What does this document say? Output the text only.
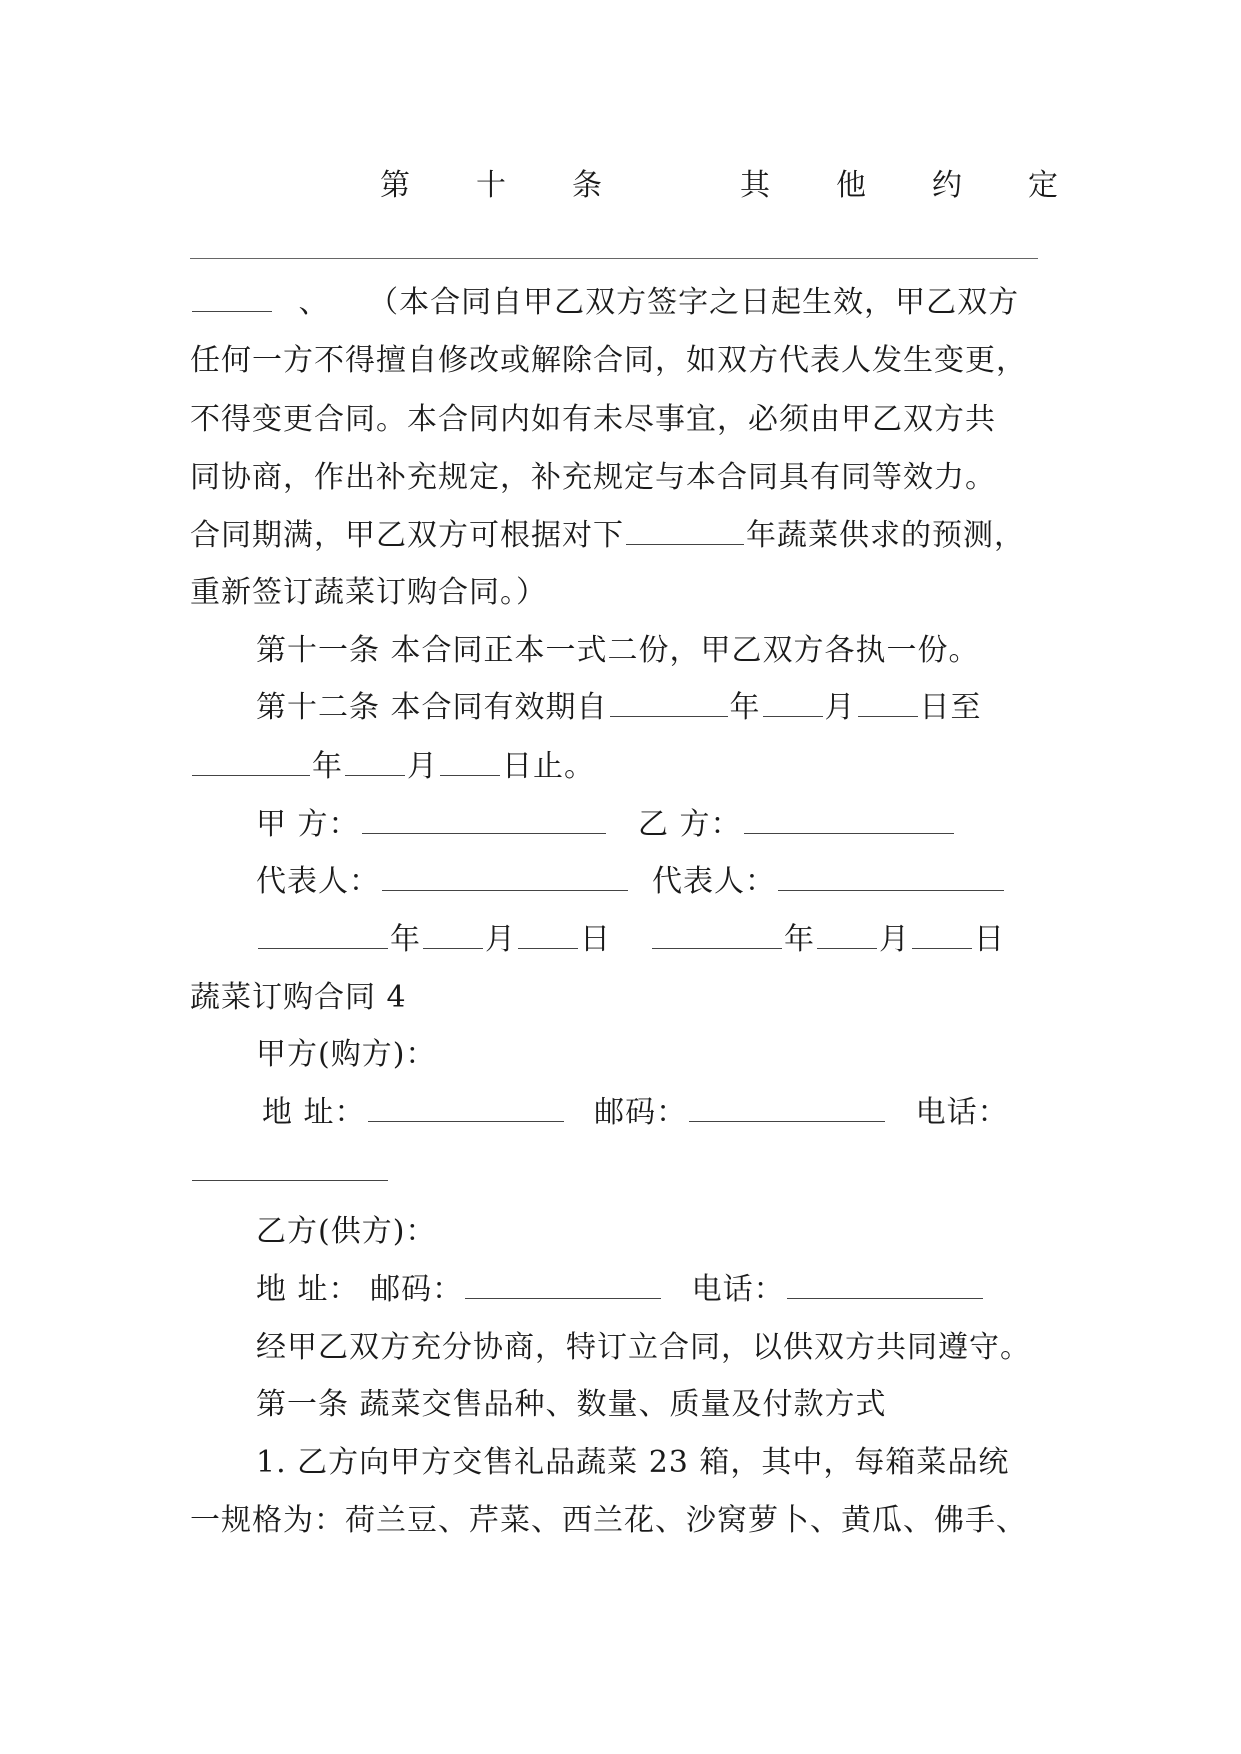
第 十 条	其 他 约 定
、 （本合同自甲乙双方签字之日起生效，甲乙双方
任何一方不得擅自修改或解除合同，如双方代表人发生变更，
不得变更合同。本合同内如有未尽事宜，必须由甲乙双方共
同协商，作出补充规定，补充规定与本合同具有同等效力。
合同期满，甲乙双方可根据对下	年蔬菜供求的预测，
重新签订蔬菜订购合同。）
第十一条 本合同正本一式二份，甲乙双方各执一份。
第十二条 本合同有效期自	年 月 日至
年 月 日止。
甲 方：	乙 方：
代表人：	代表人：
年 月 日	年 月 日
蔬菜订购合同 4
甲方(购方)：
地 址：	邮码：	电话：
乙方(供方)：
地 址： 邮码：	电话：
经甲乙双方充分协商，特订立合同，以供双方共同遵守。
第一条 蔬菜交售品种、数量、质量及付款方式
1. 乙方向甲方交售礼品蔬菜 23 箱，其中，每箱菜品统
一规格为：荷兰豆、芹菜、西兰花、沙窝萝卜、黄瓜、佛手、
